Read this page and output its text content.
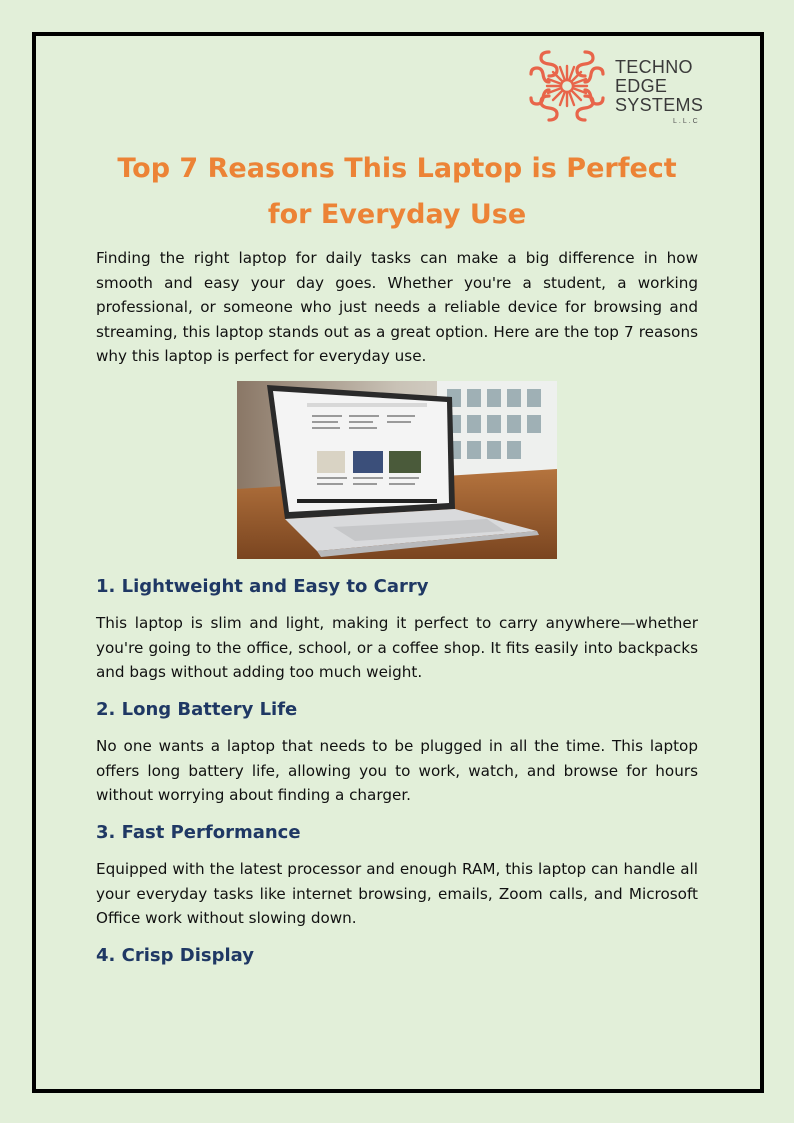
TECHNO
EDGE
SYSTEMS
L.L.C
Top 7 Reasons This Laptop is Perfect for Everyday Use

Finding the right laptop for daily tasks can make a big difference in how smooth and easy your day goes. Whether you're a student, a working professional, or someone who just needs a reliable device for browsing and streaming, this laptop stands out as a great option. Here are the top 7 reasons why this laptop is perfect for everyday use.

1. Lightweight and Easy to Carry

This laptop is slim and light, making it perfect to carry anywhere—whether you're going to the office, school, or a coffee shop. It fits easily into backpacks and bags without adding too much weight.

2. Long Battery Life

No one wants a laptop that needs to be plugged in all the time. This laptop offers long battery life, allowing you to work, watch, and browse for hours without worrying about finding a charger.

3. Fast Performance

Equipped with the latest processor and enough RAM, this laptop can handle all your everyday tasks like internet browsing, emails, Zoom calls, and Microsoft Office work without slowing down.

4. Crisp Display
